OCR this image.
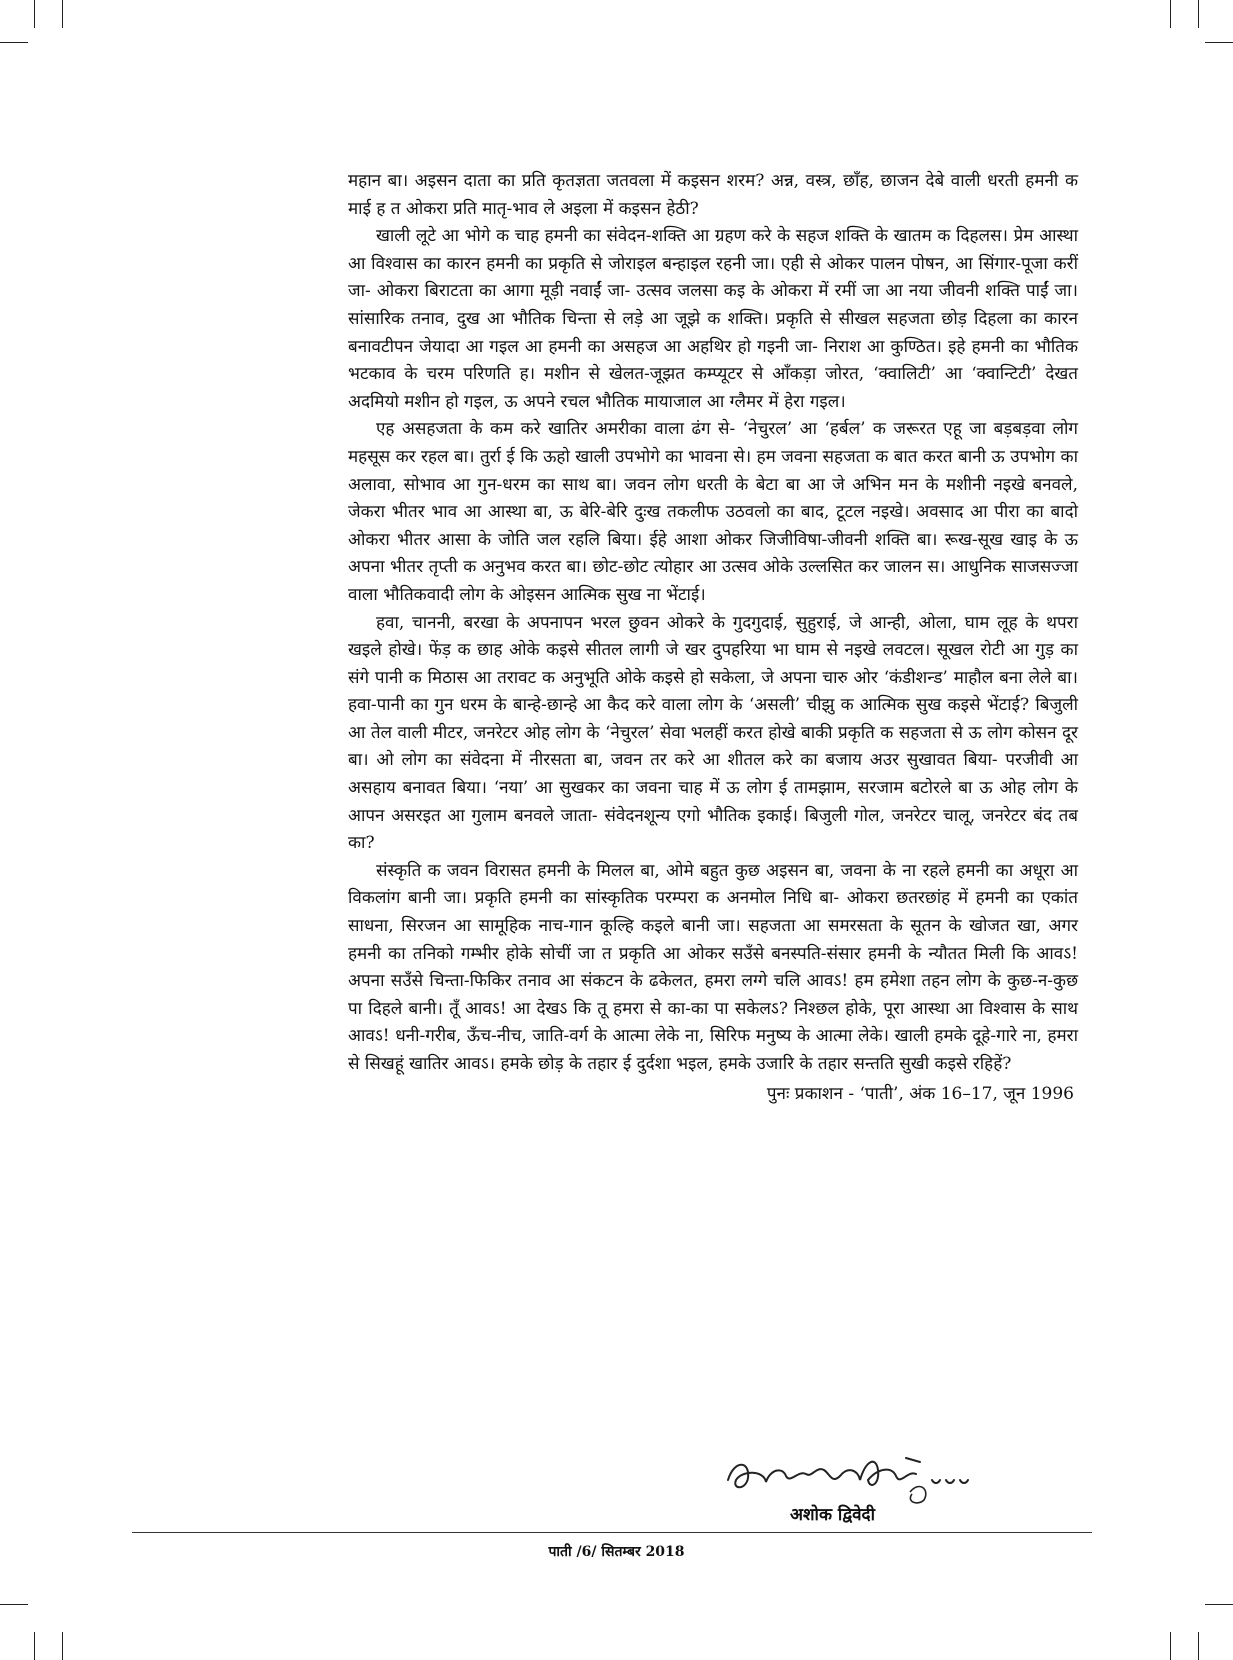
महान बा। अइसन दाता का प्रति कृतज्ञता जतवला में कइसन शरम? अन्न, वस्त्र, छाँह, छाजन देबे वाली धरती हमनी क माई ह त ओकरा प्रति मातृ-भाव ले अइला में कइसन हेठी?

खाली लूटे आ भोगे क चाह हमनी का संवेदन-शक्ति आ ग्रहण करे के सहज शक्ति के खातम क दिहलस। प्रेम आस्था आ विश्वास का कारन हमनी का प्रकृति से जोराइल बन्हाइल रहनी जा। एही से ओकर पालन पोषन, आ सिंगार-पूजा करीं जा- ओकरा बिराटता का आगा मूड़ी नवाईं जा- उत्सव जलसा कइ के ओकरा में रमीं जा आ नया जीवनी शक्ति पाईं जा। सांसारिक तनाव, दुख आ भौतिक चिन्ता से लड़े आ जूझे क शक्ति। प्रकृति से सीखल सहजता छोड़ दिहला का कारन बनावटीपन जेयादा आ गइल आ हमनी का असहज आ अहथिर हो गइनी जा- निराश आ कुण्ठित। इहे हमनी का भौतिक भटकाव के चरम परिणति ह। मशीन से खेलत-जूझत कम्प्यूटर से आँकड़ा जोरत, ‘क्वालिटी’ आ ‘क्वान्टिटी’ देखत अदमियो मशीन हो गइल, ऊ अपने रचल भौतिक मायाजाल आ ग्लैमर में हेरा गइल।

एह असहजता के कम करे खातिर अमरीका वाला ढंग से- ‘नेचुरल’ आ ‘हर्बल’ क जरूरत एहू जा बड़बड़वा लोग महसूस कर रहल बा। तुर्रा ई कि ऊहो खाली उपभोगे का भावना से। हम जवना सहजता क बात करत बानी ऊ उपभोग का अलावा, सोभाव आ गुन-धरम का साथ बा। जवन लोग धरती के बेटा बा आ जे अभिन मन के मशीनी नइखे बनवले, जेकरा भीतर भाव आ आस्था बा, ऊ बेरि-बेरि दुःख तकलीफ उठवलो का बाद, टूटल नइखे। अवसाद आ पीरा का बादो ओकरा भीतर आसा के जोति जल रहलि बिया। ईहे आशा ओकर जिजीविषा-जीवनी शक्ति बा। रूख-सूख खाइ के ऊ अपना भीतर तृप्ती क अनुभव करत बा। छोट-छोट त्योहार आ उत्सव ओके उल्लसित कर जालन स। आधुनिक साजसज्जा वाला भौतिकवादी लोग के ओइसन आत्मिक सुख ना भेंटाई।

हवा, चाननी, बरखा के अपनापन भरल छुवन ओकरे के गुदगुदाई, सुहुराई, जे आन्ही, ओला, घाम लूह के थपरा खइले होखे। फेंड़ क छाह ओके कइसे सीतल लागी जे खर दुपहरिया भा घाम से नइखे लवटल। सूखल रोटी आ गुड़ का संगे पानी क मिठास आ तरावट क अनुभूति ओके कइसे हो सकेला, जे अपना चारु ओर ‘कंडीशन्ड’ माहौल बना लेले बा। हवा-पानी का गुन धरम के बान्हे-छान्हे आ कैद करे वाला लोग के ‘असली’ चीझु क आत्मिक सुख कइसे भेंटाई? बिजुली आ तेल वाली मीटर, जनरेटर ओह लोग के ‘नेचुरल’ सेवा भलहीं करत होखे बाकी प्रकृति क सहजता से ऊ लोग कोसन दूर बा। ओ लोग का संवेदना में नीरसता बा, जवन तर करे आ शीतल करे का बजाय अउर सुखावत बिया- परजीवी आ असहाय बनावत बिया। ‘नया’ आ सुखकर का जवना चाह में ऊ लोग ई तामझाम, सरजाम बटोरले बा ऊ ओह लोग के आपन असरइत आ गुलाम बनवले जाता- संवेदनशून्य एगो भौतिक इकाई। बिजुली गोल, जनरेटर चालू, जनरेटर बंद तब का?

संस्कृति क जवन विरासत हमनी के मिलल बा, ओमे बहुत कुछ अइसन बा, जवना के ना रहले हमनी का अधूरा आ विकलांग बानी जा। प्रकृति हमनी का सांस्कृतिक परम्परा क अनमोल निधि बा- ओकरा छतरछांह में हमनी का एकांत साधना, सिरजन आ सामूहिक नाच-गान कूल्हि कइले बानी जा। सहजता आ समरसता के सूतन के खोजत खा, अगर हमनी का तनिको गम्भीर होके सोचीं जा त प्रकृति आ ओकर सउँसे बनस्पति-संसार हमनी के न्यौतत मिली कि आवऽ! अपना सउँसे चिन्ता-फिकिर तनाव आ संकटन के ढकेलत, हमरा लग्गे चलि आवऽ! हम हमेशा तहन लोग के कुछ-न-कुछ पा दिहले बानी। तूँ आवऽ! आ देखऽ कि तू हमरा से का-का पा सकेलऽ? निश्छल होके, पूरा आस्था आ विश्वास के साथ आवऽ! धनी-गरीब, ऊँच-नीच, जाति-वर्ग के आत्मा लेके ना, सिरिफ मनुष्य के आत्मा लेके। खाली हमके दूहे-गारे ना, हमरा से सिखहूं खातिर आवऽ। हमके छोड़ के तहार ई दुर्दशा भइल, हमके उजारि के तहार सन्तति सुखी कइसे रहिहें?

पुनः प्रकाशन - ‘पाती’, अंक 16–17, जून 1996
अशोक द्विवेदी
पाती /6/ सितम्बर 2018
